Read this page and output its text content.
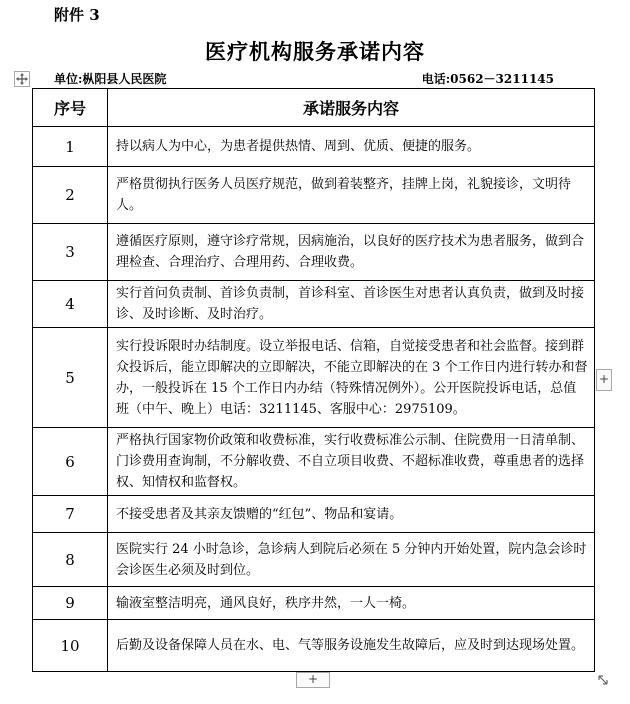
附件 3
医疗机构服务承诺内容
单位:枞阳县人民医院	电话:0562－3211145
序号	承诺服务内容
1	持以病人为中心，为患者提供热情、周到、优质、便捷的服务。
2	严格贯彻执行医务人员医疗规范，做到着装整齐，挂牌上岗，礼貌接诊，文明待人。
3	遵循医疗原则，遵守诊疗常规，因病施治，以良好的医疗技术为患者服务，做到合理检查、合理治疗、合理用药、合理收费。
4	实行首问负责制、首诊负责制，首诊科室、首诊医生对患者认真负责，做到及时接诊、及时诊断、及时治疗。
5	实行投诉限时办结制度。设立举报电话、信箱，自觉接受患者和社会监督。接到群众投诉后，能立即解决的立即解决，不能立即解决的在 3 个工作日内进行转办和督办，一般投诉在 15 个工作日内办结（特殊情况例外）。公开医院投诉电话，总值班（中午、晚上）电话：3211145、客服中心：2975109。
6	严格执行国家物价政策和收费标准，实行收费标准公示制、住院费用一日清单制、门诊费用查询制，不分解收费、不自立项目收费、不超标准收费，尊重患者的选择权、知情权和监督权。
7	不接受患者及其亲友馈赠的“红包”、物品和宴请。
8	医院实行 24 小时急诊，急诊病人到院后必须在 5 分钟内开始处置，院内急会诊时会诊医生必须及时到位。
9	输液室整洁明亮，通风良好，秩序井然，一人一椅。
10	后勤及设备保障人员在水、电、气等服务设施发生故障后，应及时到达现场处置。
+
+
